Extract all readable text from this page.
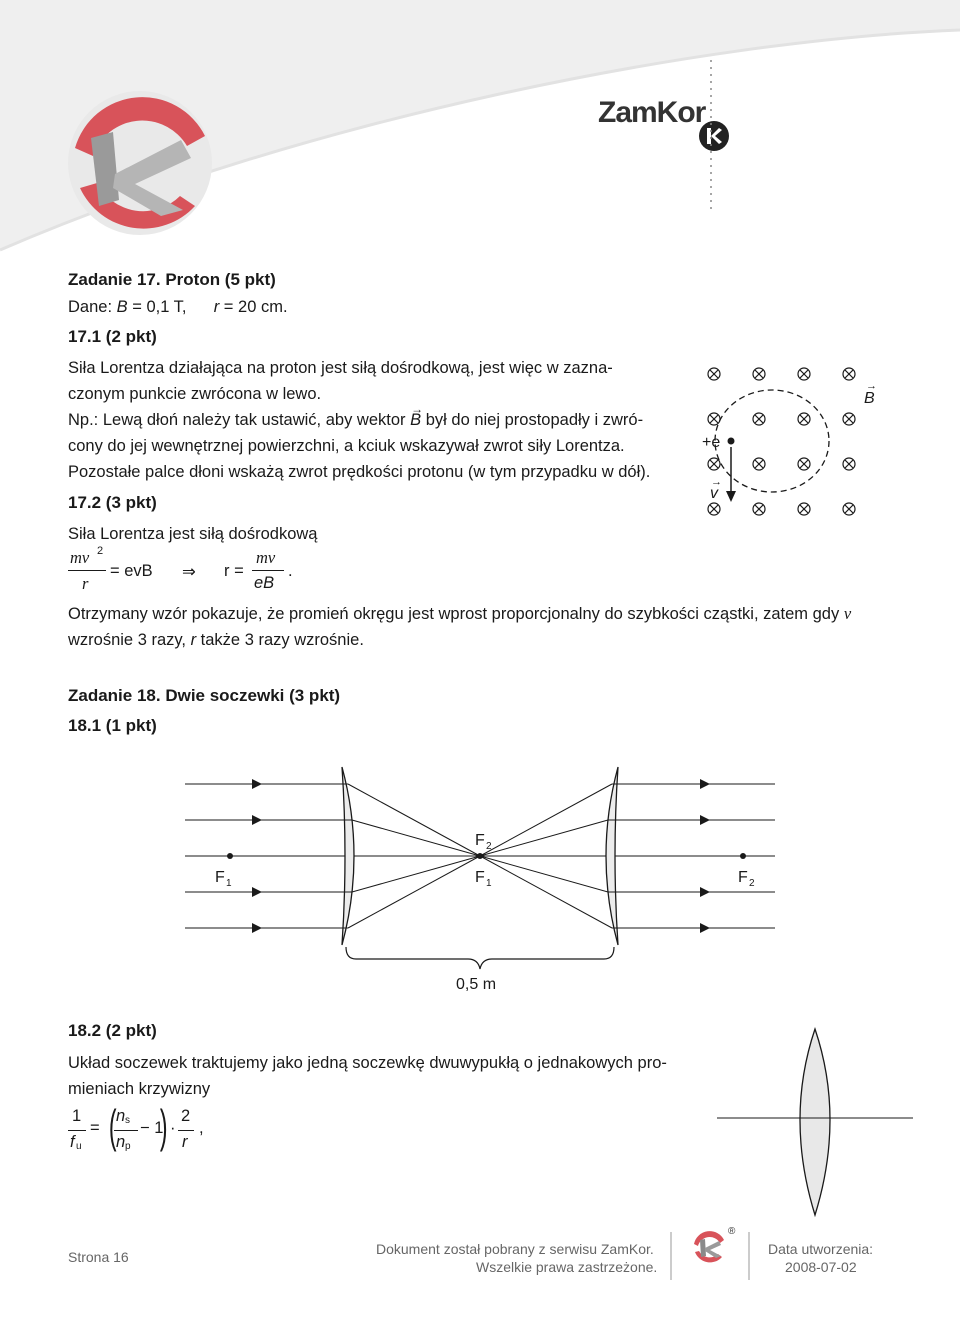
ZamKor
Zadanie 17. Proton (5 pkt)
Dane: B = 0,1 T, r = 20 cm.
17.1 (2 pkt)
Siła Lorentza działająca na proton jest siłą dośrodkową, jest więc w zazna-
czonym punkcie zwrócona w lewo.
Np.: Lewą dłoń należy tak ustawić, aby wektor B
→
był do niej prostopadły i zwró-
cony do jej wewnętrznej powierzchni, a kciuk wskazywał zwrot siły Lorentza.
Pozostałe palce dłoni wskażą zwrot prędkości protonu (w tym przypadku w dół).
17.2 (3 pkt)
Siła Lorentza jest siłą dośrodkową
mv 2
r
= evB ⇒ r =
mv
eB
.
Otrzymany wzór pokazuje, że promień okręgu jest wprost proporcjonalny do szybkości cząstki, zatem gdy v
wzrośnie 3 razy, r także 3 razy wzrośnie.
+e
v
→
B
→
Zadanie 18. Dwie soczewki (3 pkt)
18.1 (1 pkt)
F 1
F 2
F 1	F 2
0,5 m
18.2 (2 pkt)
Układ soczewek traktujemy jako jedną soczewkę dwuwypukłą o jednakowych pro-
mieniach krzywizny
1
f u
= ( n s
n p
− 1
) ·
2
r
,
Strona 16	Dokument został pobrany z serwisu ZamKor.
Wszelkie prawa zastrzeżone.
®
Data utworzenia:
2008-07-02
